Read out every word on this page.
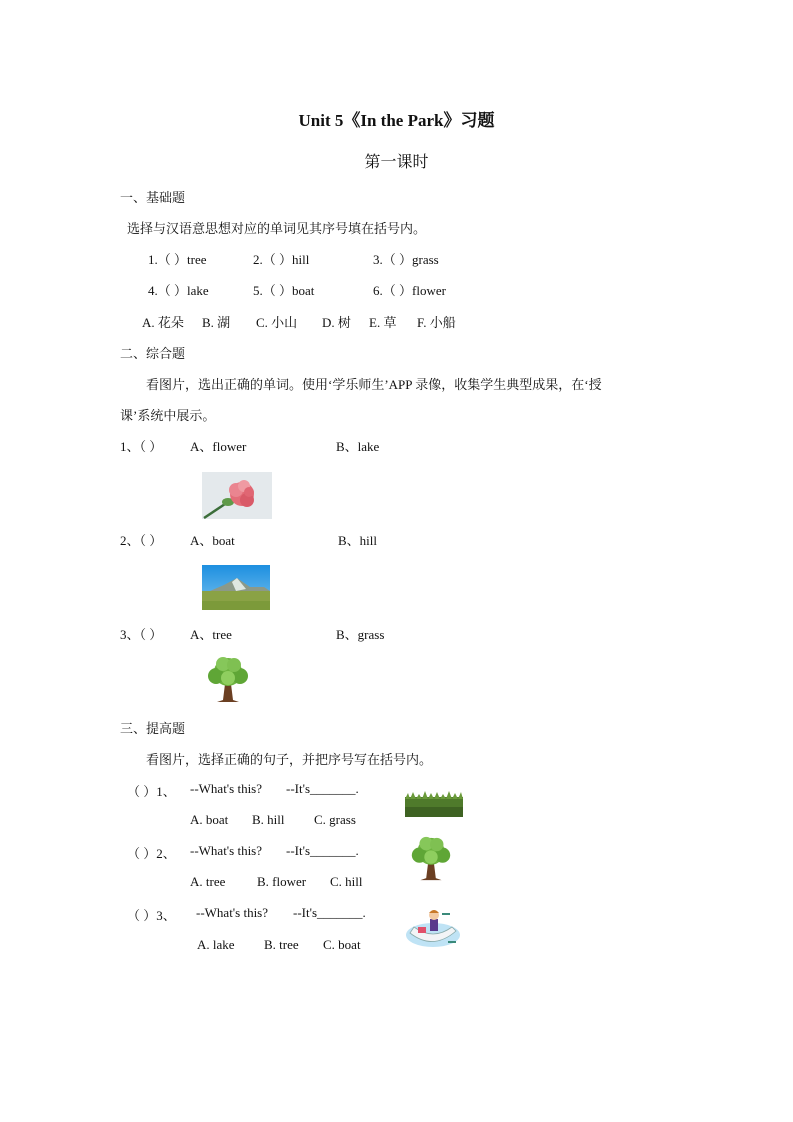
Unit 5《In the Park》习题
第一课时
一、基础题
选择与汉语意思想对应的单词见其序号填在括号内。
1.（ ）tree	2.（ ）hill	3.（ ）grass
4.（ ）lake	5.（ ）boat	6.（ ）flower
A. 花朵 B. 湖 C. 小山 D. 树 E. 草 F. 小船
二、综合题
看图片，选出正确的单词。使用‘学乐师生’APP 录像，收集学生典型成果，在‘授
课’系统中展示。
1、（ ） A、flower	B、lake
2、（ ） A、boat	B、hill
3、（ ） A、tree	B、grass
三、提高题
看图片，选择正确的句子，并把序号写在括号内。
（ ）1、 --What's this? --It's_______.
A. boat B. hill C. grass
（ ）2、 --What's this? --It's_______.
A. tree B. flower C. hill
（ ）3、 --What's this? --It's_______.
A. lake B. tree C. boat
